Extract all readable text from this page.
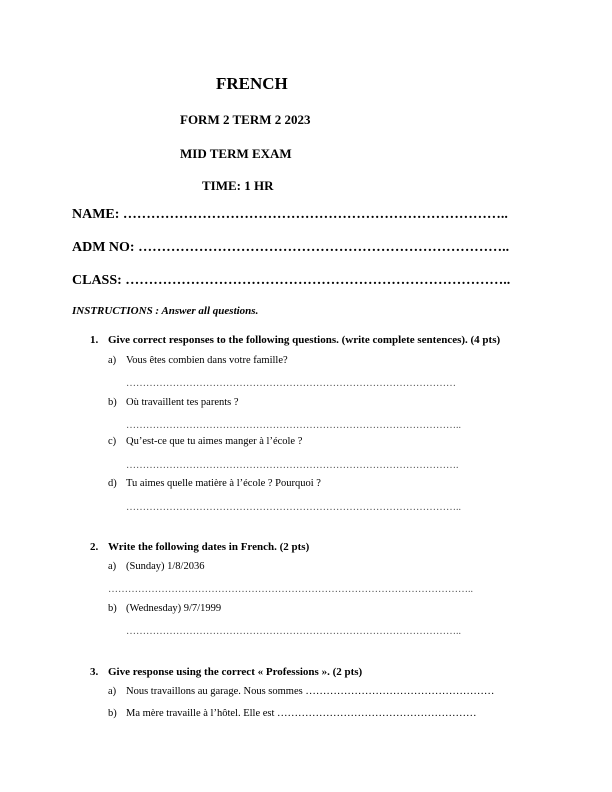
FRENCH
FORM 2 TERM 2 2023
MID TERM EXAM
TIME: 1 HR
NAME: ………………………………………………………………………..
ADM NO: ……………………………………………………………………..
CLASS: ………………………………………………………………………..
INSTRUCTIONS : Answer all questions.
1. Give correct responses to the following questions. (write complete sentences). (4 pts)
a) Vous êtes combien dans votre famille?
………………………………………………………………………………………
b) Où travaillent tes parents ?
………………………………………………………………………………………..
c) Qu’est-ce que tu aimes manger à l’école ?
……………………………………………………………………………………….
d) Tu aimes quelle matière à l’école ? Pourquoi ?
………………………………………………………………………………………..
2. Write the following dates in French. (2 pts)
a) (Sunday) 1/8/2036
………………………………………………………………………………………………..
b) (Wednesday) 9/7/1999
………………………………………………………………………………………..
3. Give response using the correct « Professions ». (2 pts)
a) Nous travaillons au garage. Nous sommes ………………………………………………
b) Ma mère travaille à l’hôtel. Elle est …………………………………………………
